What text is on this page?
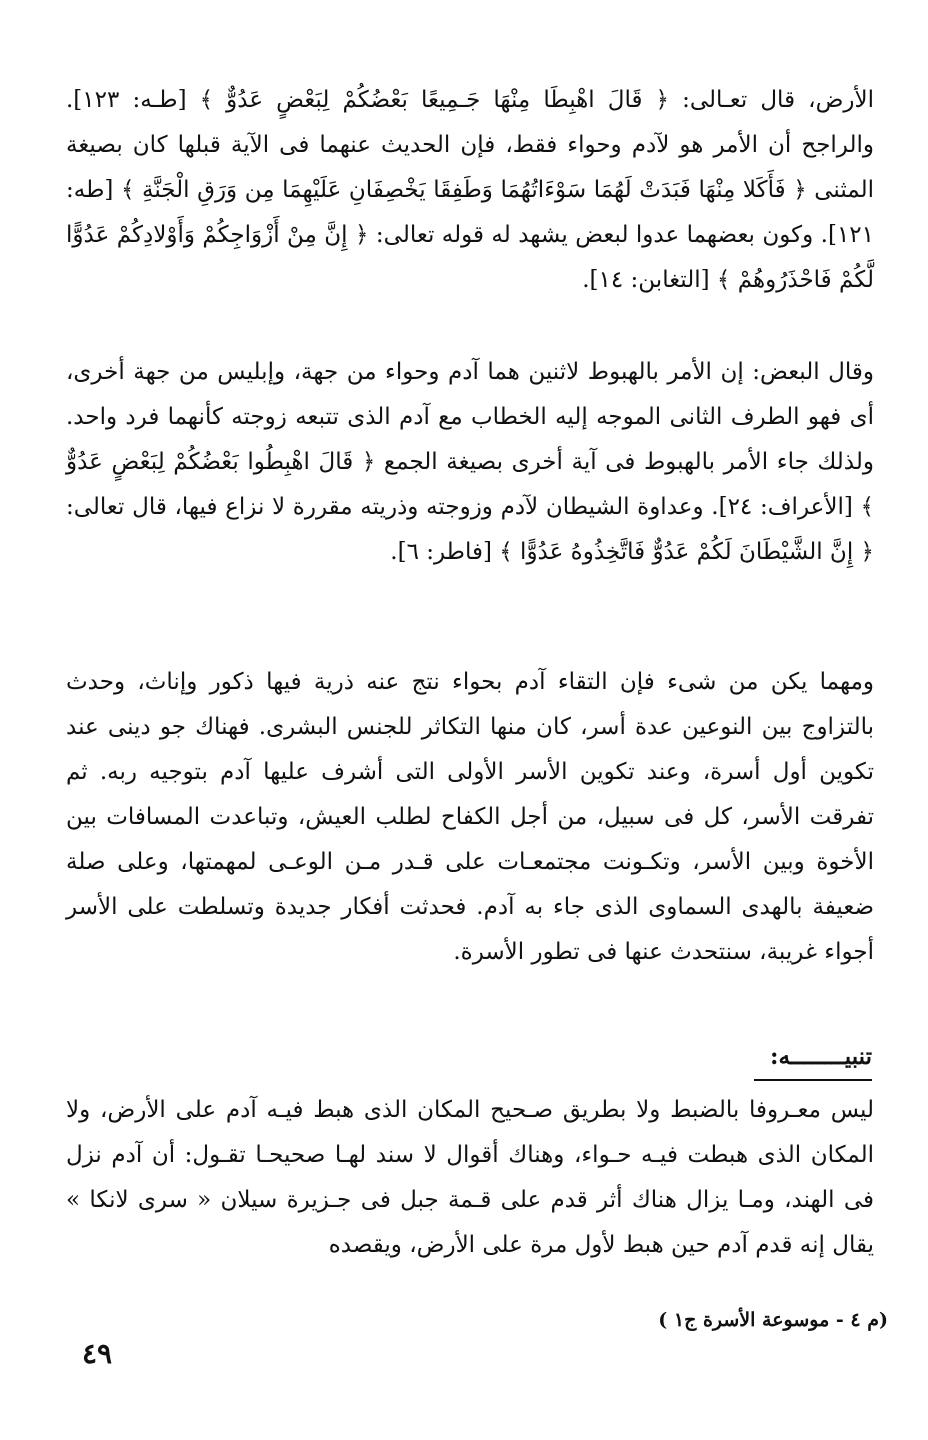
الأرض، قال تعـالى: ﴿ قَالَ اهْبِطَا مِنْهَا جَـمِيعًا بَعْضُكُمْ لِبَعْضٍ عَدُوٌّ ﴾ [طـه: ١٢٣]. والراجح أن الأمر هو لآدم وحواء فقط، فإن الحديث عنهما فى الآية قبلها كان بصيغة المثنى ﴿ فَأَكَلا مِنْهَا فَبَدَتْ لَهُمَا سَوْءَاتُهُمَا وَطَفِقَا يَخْصِفَانِ عَلَيْهِمَا مِن وَرَقِ الْجَنَّةِ ﴾ [طه: ١٢١]. وكون بعضهما عدوا لبعض يشهد له قوله تعالى: ﴿ إِنَّ مِنْ أَزْوَاجِكُمْ وَأَوْلادِكُمْ عَدُوًّا لَّكُمْ فَاحْذَرُوهُمْ ﴾ [التغابن: ١٤].

وقال البعض: إن الأمر بالهبوط لاثنين هما آدم وحواء من جهة، وإبليس من جهة أخرى، أى فهو الطرف الثانى الموجه إليه الخطاب مع آدم الذى تتبعه زوجته كأنهما فرد واحد. ولذلك جاء الأمر بالهبوط فى آية أخرى بصيغة الجمع ﴿ قَالَ اهْبِطُوا بَعْضُكُمْ لِبَعْضٍ عَدُوٌّ ﴾ [الأعراف: ٢٤]. وعداوة الشيطان لآدم وزوجته وذريته مقررة لا نزاع فيها، قال تعالى: ﴿ إِنَّ الشَّيْطَانَ لَكُمْ عَدُوٌّ فَاتَّخِذُوهُ عَدُوًّا ﴾ [فاطر: ٦].

ومهما يكن من شىء فإن التقاء آدم بحواء نتج عنه ذرية فيها ذكور وإناث، وحدث بالتزاوج بين النوعين عدة أسر، كان منها التكاثر للجنس البشرى. فهناك جو دينى عند تكوين أول أسرة، وعند تكوين الأسر الأولى التى أشرف عليها آدم بتوجيه ربه. ثم تفرقت الأسر، كل فى سبيل، من أجل الكفاح لطلب العيش، وتباعدت المسافات بين الأخوة وبين الأسر، وتكـونت مجتمعـات على قـدر مـن الوعـى لمهمتها، وعلى صلة ضعيفة بالهدى السماوى الذى جاء به آدم. فحدثت أفكار جديدة وتسلطت على الأسر أجواء غريبة، سنتحدث عنها فى تطور الأسرة.

تنبيــــــــه:

ليس معـروفا بالضبط ولا بطريق صـحيح المكان الذى هبط فيـه آدم على الأرض، ولا المكان الذى هبطت فيـه حـواء، وهناك أقوال لا سند لهـا صحيحـا تقـول: أن آدم نزل فى الهند، ومـا يزال هناك أثر قدم على قـمة جبل فى جـزيرة سيلان « سرى لانكا » يقال إنه قدم آدم حين هبط لأول مرة على الأرض، ويقصده

(م ٤ - موسوعة الأسرة ج١ )
٤٩
